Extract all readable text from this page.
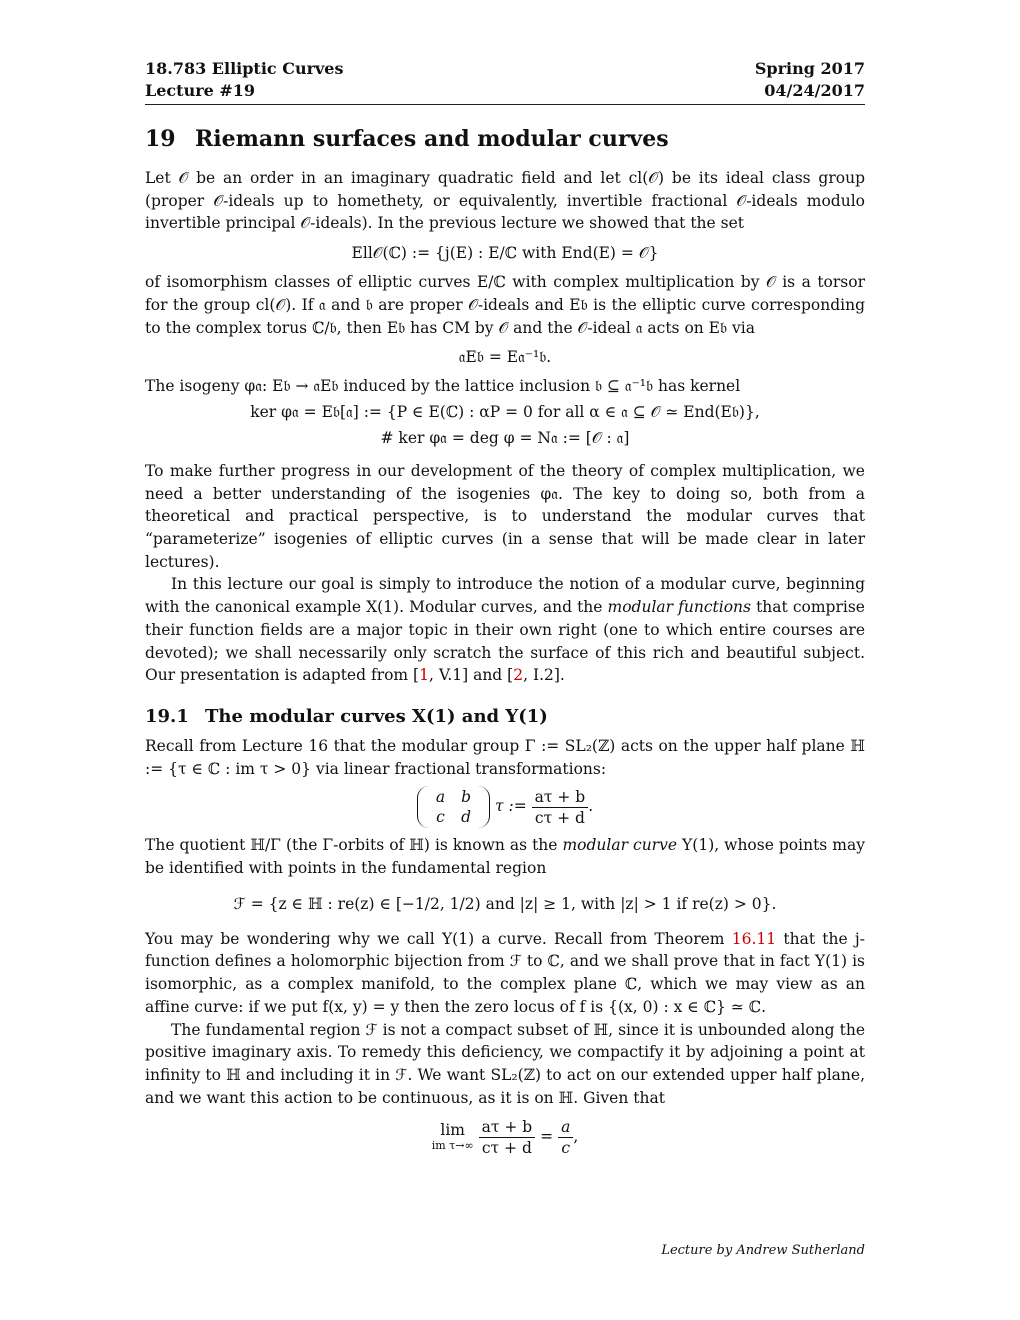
18.783 Elliptic Curves	Spring 2017
Lecture #19	04/24/2017
19 Riemann surfaces and modular curves

Let 𝒪 be an order in an imaginary quadratic field and let cl(𝒪) be its ideal class group (proper 𝒪-ideals up to homethety, or equivalently, invertible fractional 𝒪-ideals modulo invertible principal 𝒪-ideals). In the previous lecture we showed that the set

Ell𝒪(ℂ) := {j(E) : E/ℂ with End(E) = 𝒪}

of isomorphism classes of elliptic curves E/ℂ with complex multiplication by 𝒪 is a torsor for the group cl(𝒪). If 𝔞 and 𝔟 are proper 𝒪-ideals and E𝔟 is the elliptic curve corresponding to the complex torus ℂ/𝔟, then E𝔟 has CM by 𝒪 and the 𝒪-ideal 𝔞 acts on E𝔟 via

𝔞E𝔟 = E𝔞⁻¹𝔟.

The isogeny φ𝔞: E𝔟 → 𝔞E𝔟 induced by the lattice inclusion 𝔟 ⊆ 𝔞⁻¹𝔟 has kernel

ker φ𝔞 = E𝔟[𝔞] := {P ∈ E(ℂ) : αP = 0 for all α ∈ 𝔞 ⊆ 𝒪 ≃ End(E𝔟)},
# ker φ𝔞 = deg φ = N𝔞 := [𝒪 : 𝔞]

To make further progress in our development of the theory of complex multiplication, we need a better understanding of the isogenies φ𝔞. The key to doing so, both from a theoretical and practical perspective, is to understand the modular curves that “parameterize” isogenies of elliptic curves (in a sense that will be made clear in later lectures).

In this lecture our goal is simply to introduce the notion of a modular curve, beginning with the canonical example X(1). Modular curves, and the modular functions that comprise their function fields are a major topic in their own right (one to which entire courses are devoted); we shall necessarily only scratch the surface of this rich and beautiful subject. Our presentation is adapted from [1, V.1] and [2, I.2].

19.1 The modular curves X(1) and Y(1)

Recall from Lecture 16 that the modular group Γ := SL₂(ℤ) acts on the upper half plane ℍ := {τ ∈ ℂ : im τ > 0} via linear fractional transformations:

a	b
c	d
τ := $\frac{a\tau + b}{c\tau + d}$ .

The quotient ℍ/Γ (the Γ-orbits of ℍ) is known as the modular curve Y(1), whose points may be identified with points in the fundamental region

ℱ = {z ∈ ℍ : re(z) ∈ [−1/2, 1/2) and |z| ≥ 1, with |z| > 1 if re(z) > 0}.

You may be wondering why we call Y(1) a curve. Recall from Theorem 16.11 that the j-function defines a holomorphic bijection from ℱ to ℂ, and we shall prove that in fact Y(1) is isomorphic, as a complex manifold, to the complex plane ℂ, which we may view as an affine curve: if we put f(x, y) = y then the zero locus of f is {(x, 0) : x ∈ ℂ} ≃ ℂ.

The fundamental region ℱ is not a compact subset of ℍ, since it is unbounded along the positive imaginary axis. To remedy this deficiency, we compactify it by adjoining a point at infinity to ℍ and including it in ℱ. We want SL₂(ℤ) to act on our extended upper half plane, and we want this action to be continuous, as it is on ℍ. Given that

lim
im τ→∞
$\frac{a\tau + b}{c\tau + d} = \frac{a}{c}$ ,
Lecture by Andrew Sutherland
